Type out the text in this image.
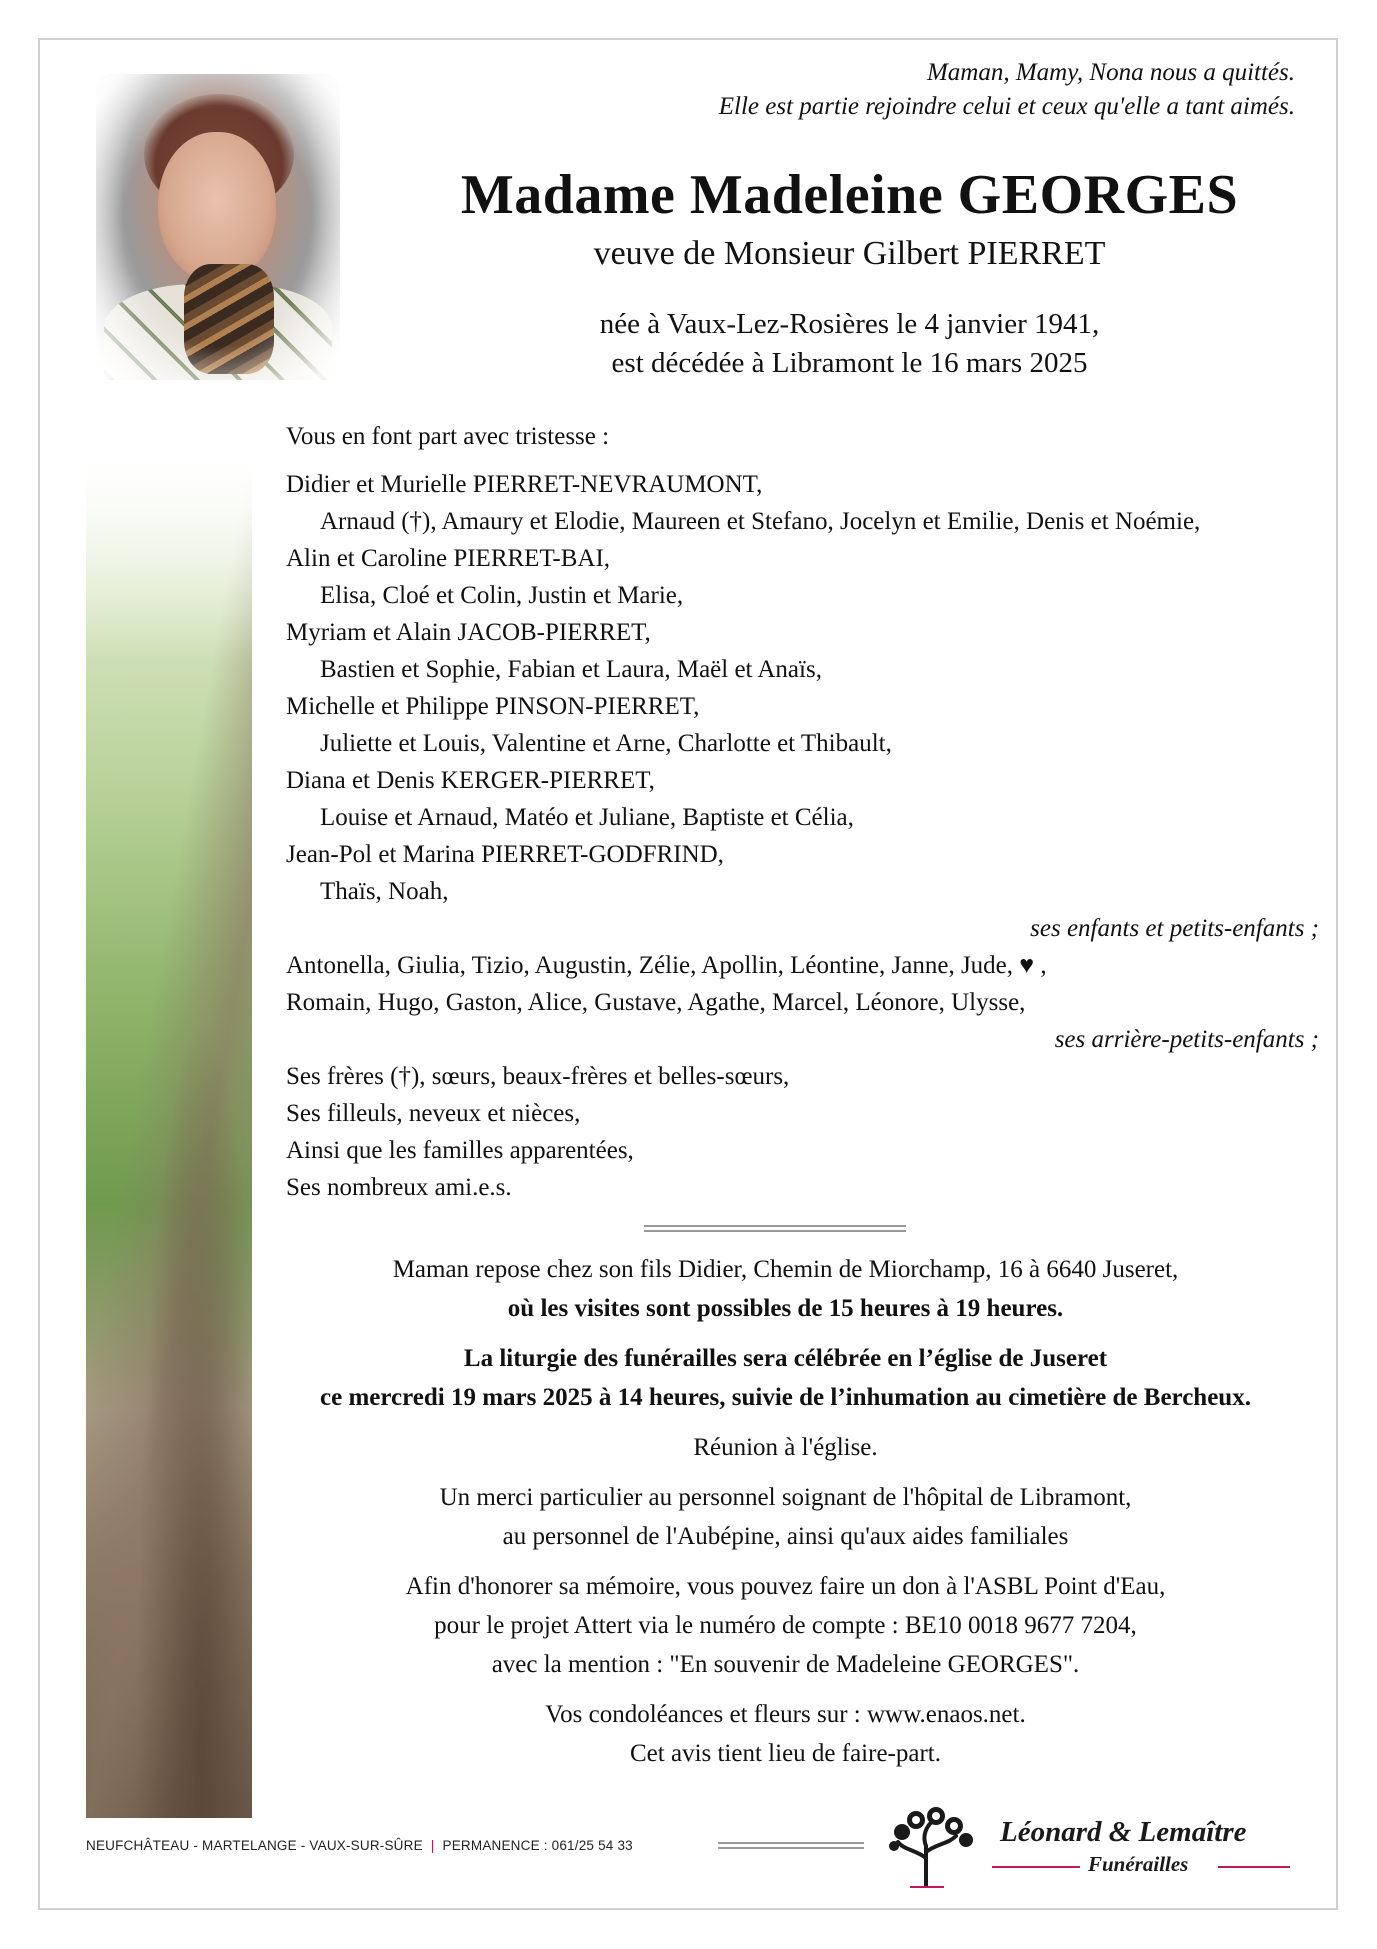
Maman, Mamy, Nona nous a quittés.
Elle est partie rejoindre celui et ceux qu'elle a tant aimés.
Madame Madeleine GEORGES
veuve de Monsieur Gilbert PIERRET
née à Vaux-Lez-Rosières le 4 janvier 1941,
est décédée à Libramont le 16 mars 2025
Vous en font part avec tristesse :
Didier et Murielle PIERRET-NEVRAUMONT,
Arnaud (†), Amaury et Elodie, Maureen et Stefano, Jocelyn et Emilie, Denis et Noémie,
Alin et Caroline PIERRET-BAI,
Elisa, Cloé et Colin, Justin et Marie,
Myriam et Alain JACOB-PIERRET,
Bastien et Sophie, Fabian et Laura, Maël et Anaïs,
Michelle et Philippe PINSON-PIERRET,
Juliette et Louis, Valentine et Arne, Charlotte et Thibault,
Diana et Denis KERGER-PIERRET,
Louise et Arnaud, Matéo et Juliane, Baptiste et Célia,
Jean-Pol et Marina PIERRET-GODFRIND,
Thaïs, Noah,
ses enfants et petits-enfants ;
Antonella, Giulia, Tizio, Augustin, Zélie, Apollin, Léontine, Janne, Jude, ♥ ,
Romain, Hugo, Gaston, Alice, Gustave, Agathe, Marcel, Léonore, Ulysse,
ses arrière-petits-enfants ;
Ses frères (†), sœurs, beaux-frères et belles-sœurs,
Ses filleuls, neveux et nièces,
Ainsi que les familles apparentées,
Ses nombreux ami.e.s.

Maman repose chez son fils Didier, Chemin de Miorchamp, 16 à 6640 Juseret,
où les visites sont possibles de 15 heures à 19 heures.

La liturgie des funérailles sera célébrée en l’église de Juseret
ce mercredi 19 mars 2025 à 14 heures, suivie de l’inhumation au cimetière de Bercheux.

Réunion à l'église.

Un merci particulier au personnel soignant de l'hôpital de Libramont,
au personnel de l'Aubépine, ainsi qu'aux aides familiales

Afin d'honorer sa mémoire, vous pouvez faire un don à l'ASBL Point d'Eau,
pour le projet Attert via le numéro de compte : BE10 0018 9677 7204,
avec la mention : "En souvenir de Madeleine GEORGES".

Vos condoléances et fleurs sur : www.enaos.net.
Cet avis tient lieu de faire-part.

NEUFCHÂTEAU - MARTELANGE - VAUX-SUR-SÛRE | PERMANENCE : 061/25 54 33	Léonard & Lemaître
Funérailles
